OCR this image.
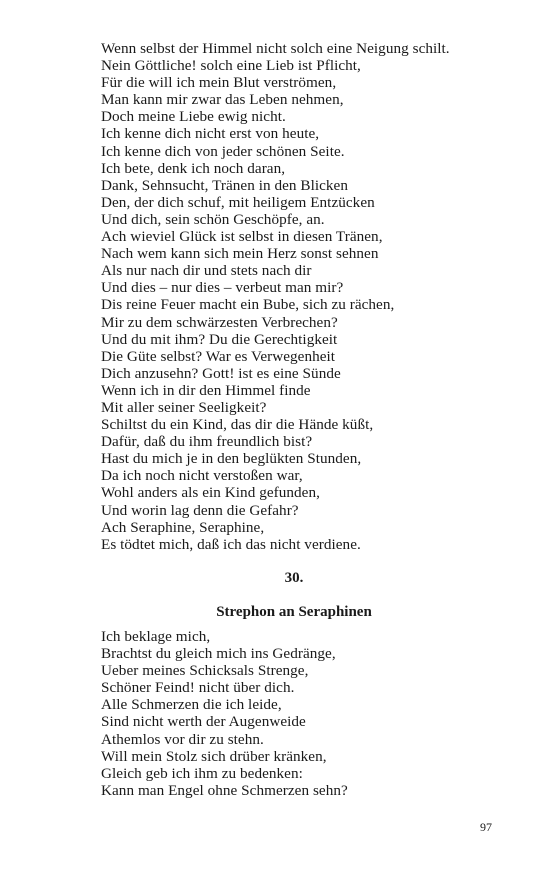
Wenn selbst der Himmel nicht solch eine Neigung schilt.
Nein Göttliche! solch eine Lieb ist Pflicht,
Für die will ich mein Blut verströmen,
Man kann mir zwar das Leben nehmen,
Doch meine Liebe ewig nicht.
Ich kenne dich nicht erst von heute,
Ich kenne dich von jeder schönen Seite.
Ich bete, denk ich noch daran,
Dank, Sehnsucht, Tränen in den Blicken
Den, der dich schuf, mit heiligem Entzücken
Und dich, sein schön Geschöpfe, an.
Ach wieviel Glück ist selbst in diesen Tränen,
Nach wem kann sich mein Herz sonst sehnen
Als nur nach dir und stets nach dir
Und dies – nur dies – verbeut man mir?
Dis reine Feuer macht ein Bube, sich zu rächen,
Mir zu dem schwärzesten Verbrechen?
Und du mit ihm? Du die Gerechtigkeit
Die Güte selbst? War es Verwegenheit
Dich anzusehn? Gott! ist es eine Sünde
Wenn ich in dir den Himmel finde
Mit aller seiner Seeligkeit?
Schiltst du ein Kind, das dir die Hände küßt,
Dafür, daß du ihm freundlich bist?
Hast du mich je in den beglükten Stunden,
Da ich noch nicht verstoßen war,
Wohl anders als ein Kind gefunden,
Und worin lag denn die Gefahr?
Ach Seraphine, Seraphine,
Es tödtet mich, daß ich das nicht verdiene.

30.

Strephon an Seraphinen

Ich beklage mich,
Brachtst du gleich mich ins Gedränge,
Ueber meines Schicksals Strenge,
Schöner Feind! nicht über dich.
Alle Schmerzen die ich leide,
Sind nicht werth der Augenweide
Athemlos vor dir zu stehn.
Will mein Stolz sich drüber kränken,
Gleich geb ich ihm zu bedenken:
Kann man Engel ohne Schmerzen sehn?

97
